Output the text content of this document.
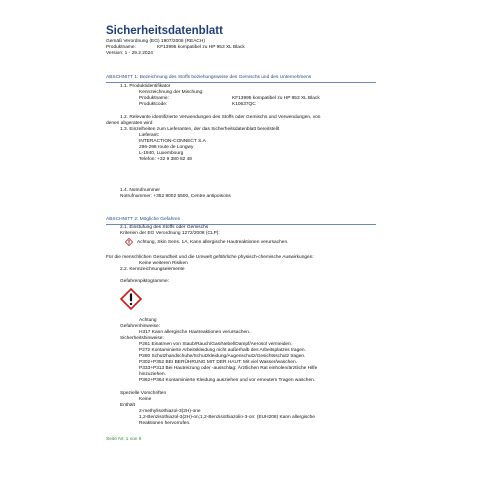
Sicherheitsdatenblatt
Gemäß Verordnung (EG) 1907/2006 (REACH)
Produktname:	KF13995 kompatibel zu HP 953 XL Black
Version: 1 - 29.2.2024
ABSCHNITT 1: Bezeichnung des Stoffs beziehungsweise des Gemischs und des Unternehmens
1.1. Produktidentifikator
Kennzeichnung der Mischung:
Produktname:	KF13995 kompatibel zu HP 953 XL Black
Produktcode:	K10637QC
1.2. Relevante identifizierte Verwendungen des Stoffs oder Gemischs und Verwendungen, von
denen abgeraten wird
1.3. Einzelheiten zum Lieferanten, der das Sicherheitsdatenblatt bereitstellt
Lieferant:
INTERACTION-CONNECT S.A
296-298 route de Longwy
L-1940, Luxembourg
Telefon: +32 9 380 82 48
1.4. Notrufnummer
Notrufnummer: +352 8002 5500, Centre antipoisons
ABSCHNITT 2: Mögliche Gefahren
2.1. Einstufung des Stoffs oder Gemischs
Kriterien der EG Verordnung 1272/2008 (CLP):
Achtung, Skin Sens. 1A, Kann allergische Hautreaktionen verursachen.
Für die menschlichen Gesundheit und die Umwelt gefährliche physisch-chemische Auswirkungen:
Keine weiteren Risiken
2.2. Kennzeichnungselemente
Gefahrenpiktogramme:
Achtung
Gefahrenhinweise:
H317 Kann allergische Hautreaktionen verursachen.
Sicherheitshinweise:
P261 Einatmen von Staub/Rauch/Gas/Nebel/Dampf/Aerosol vermeiden.
P272 Kontaminierte Arbeitskleidung nicht außerhalb des Arbeitsplatzes tragen.
P280 Schutzhandschuhe/Schutzkleidung/Augenschutz/Gesichtsschutz tragen.
P302+P352 BEI BERÜHRUNG MIT DER HAUT: Mit viel Wasser/waschen.
P333+P313 Bei Hautreizung oder -ausschlag: Ärztlichen Rat einholen/ärztliche Hilfe
hinzuziehen.
P362+P364 Kontaminierte Kleidung ausziehen und vor erneutem Tragen waschen.
Spezielle Vorschriften
Keine
Enthält
2-methylisothiazol-3(2H)-one
1,2-Benzisothiazol-3(2H)-on;1,2-Benzisothiazolin-3-on: (EUH208) Kann allergische
Reaktionen hervorrufen.
Seite Nr. 1 von 9
